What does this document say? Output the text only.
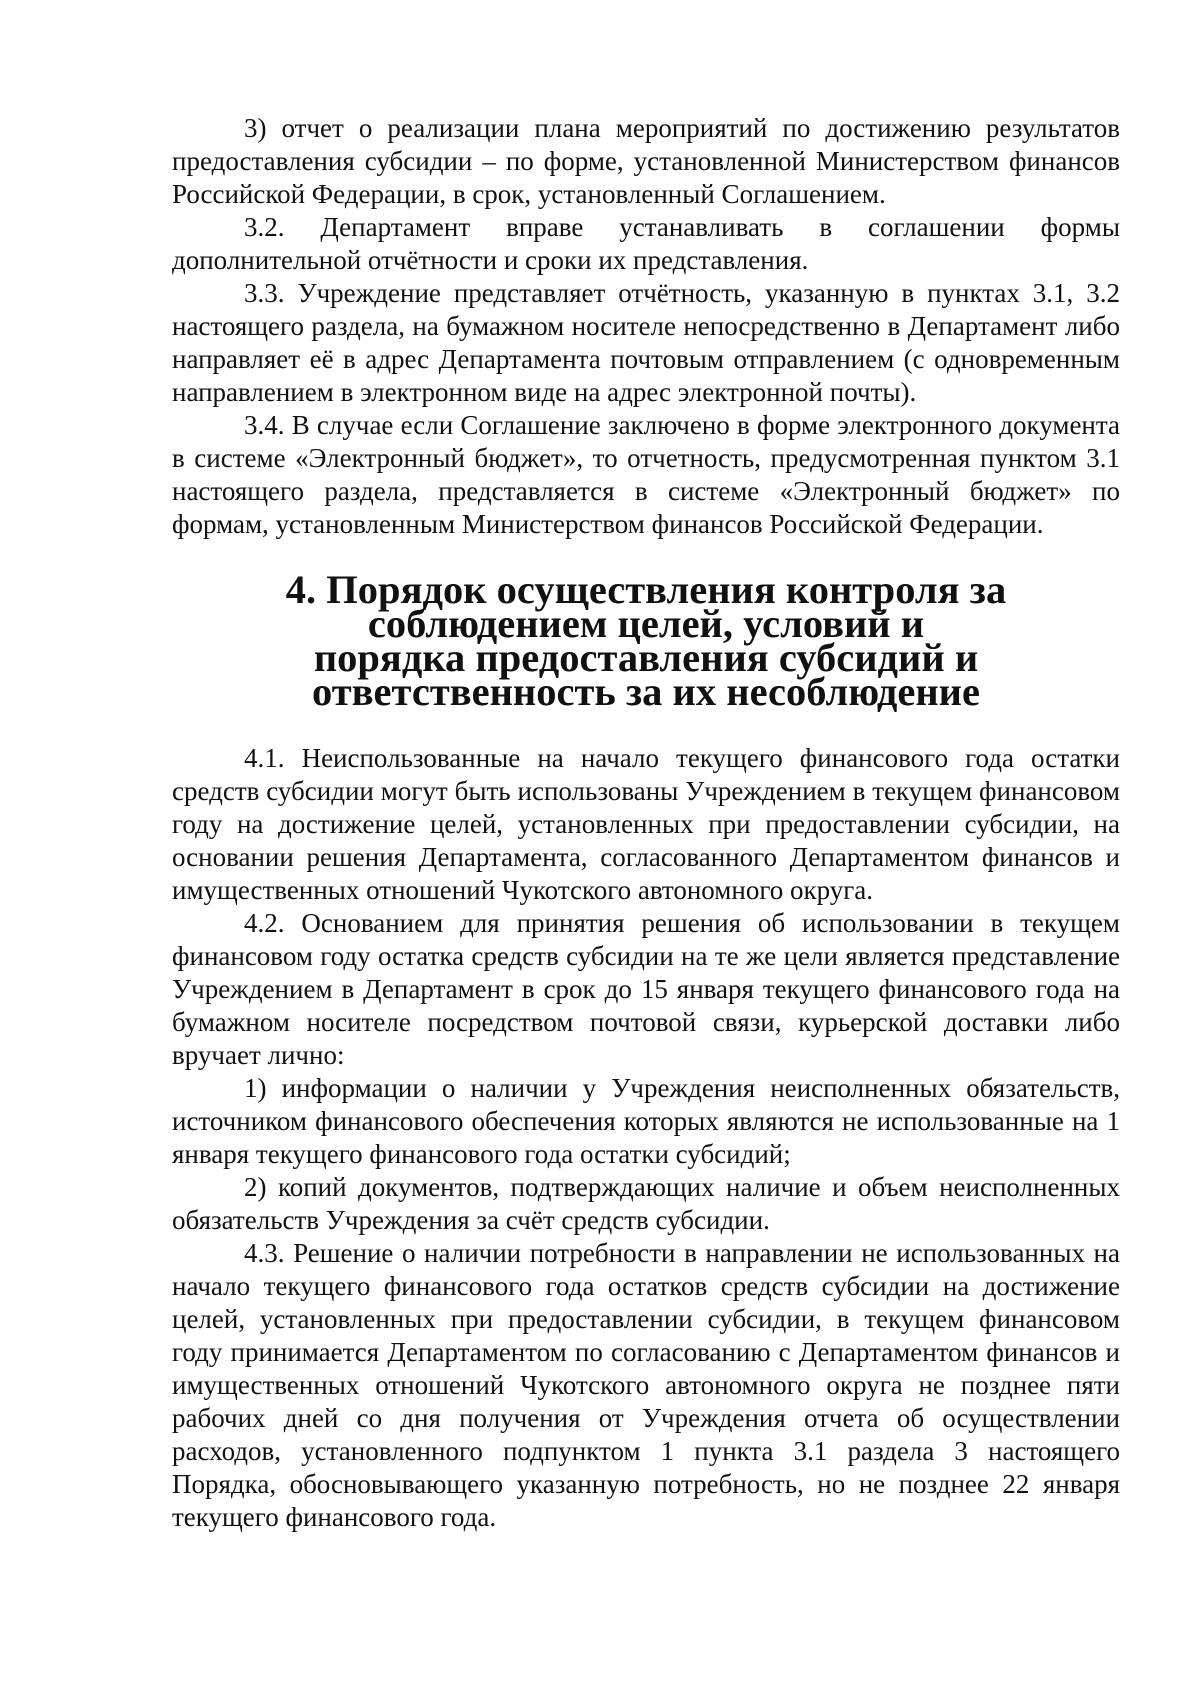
3) отчет о реализации плана мероприятий по достижению результатов предоставления субсидии – по форме, установленной Министерством финансов Российской Федерации, в срок, установленный Соглашением.

3.2. Департамент вправе устанавливать в соглашении формы дополнительной отчётности и сроки их представления.

3.3. Учреждение представляет отчётность, указанную в пунктах 3.1, 3.2 настоящего раздела, на бумажном носителе непосредственно в Департамент либо направляет её в адрес Департамента почтовым отправлением (с одновременным направлением в электронном виде на адрес электронной почты).

3.4. В случае если Соглашение заключено в форме электронного документа в системе «Электронный бюджет», то отчетность, предусмотренная пунктом 3.1 настоящего раздела, представляется в системе «Электронный бюджет» по формам, установленным Министерством финансов Российской Федерации.

4. Порядок осуществления контроля за соблюдением целей, условий и
порядка предоставления субсидий и ответственность за их несоблюдение

4.1. Неиспользованные на начало текущего финансового года остатки средств субсидии могут быть использованы Учреждением в текущем финансовом году на достижение целей, установленных при предоставлении субсидии, на основании решения Департамента, согласованного Департаментом финансов и имущественных отношений Чукотского автономного округа.

4.2. Основанием для принятия решения об использовании в текущем финансовом году остатка средств субсидии на те же цели является представление Учреждением в Департамент в срок до 15 января текущего финансового года на бумажном носителе посредством почтовой связи, курьерской доставки либо вручает лично:

1) информации о наличии у Учреждения неисполненных обязательств, источником финансового обеспечения которых являются не использованные на 1 января текущего финансового года остатки субсидий;

2) копий документов, подтверждающих наличие и объем неисполненных обязательств Учреждения за счёт средств субсидии.

4.3. Решение о наличии потребности в направлении не использованных на начало текущего финансового года остатков средств субсидии на достижение целей, установленных при предоставлении субсидии, в текущем финансовом году принимается Департаментом по согласованию с Департаментом финансов и имущественных отношений Чукотского автономного округа не позднее пяти рабочих дней со дня получения от Учреждения отчета об осуществлении расходов, установленного подпунктом 1 пункта 3.1 раздела 3 настоящего Порядка, обосновывающего указанную потребность, но не позднее 22 января текущего финансового года.
